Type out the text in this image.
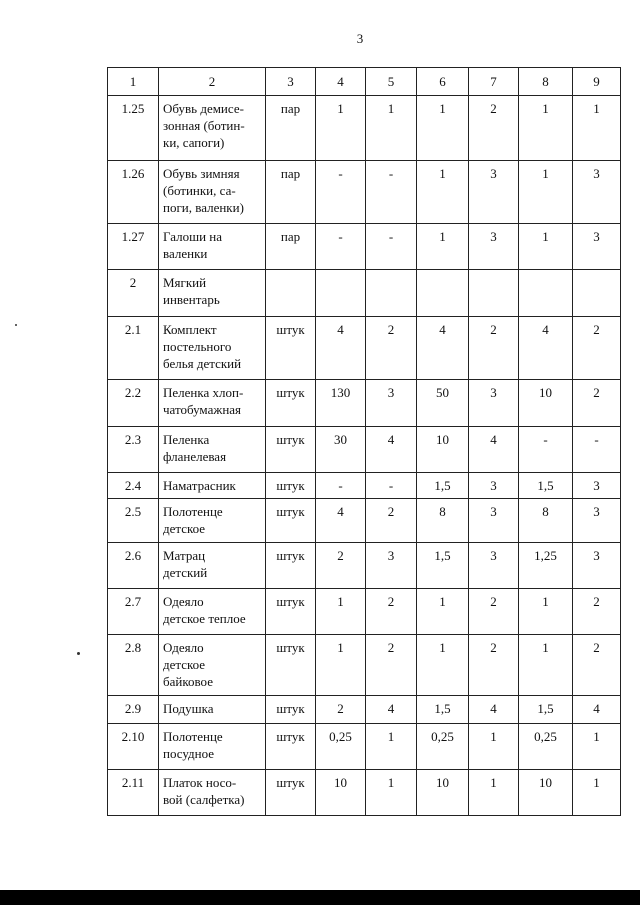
3
1	2	3	4	5	6	7	8	9
1.25	Обувь демисе-
зонная (ботин-
ки, сапоги)	пар	1	1	1	2	1	1
1.26	Обувь зимняя
(ботинки, са-
поги, валенки)	пар	-	-	1	3	1	3
1.27	Галоши на
валенки	пар	-	-	1	3	1	3
2	Мягкий
инвентарь							
2.1	Комплект
постельного
белья детский	штук	4	2	4	2	4	2
2.2	Пеленка хлоп-
чатобумажная	штук	130	3	50	3	10	2
2.3	Пеленка
фланелевая	штук	30	4	10	4	-	-
2.4	Наматрасник	штук	-	-	1,5	3	1,5	3
2.5	Полотенце
детское	штук	4	2	8	3	8	3
2.6	Матрац
детский	штук	2	3	1,5	3	1,25	3
2.7	Одеяло
детское теплое	штук	1	2	1	2	1	2
2.8	Одеяло
детское
байковое	штук	1	2	1	2	1	2
2.9	Подушка	штук	2	4	1,5	4	1,5	4
2.10	Полотенце
посудное	штук	0,25	1	0,25	1	0,25	1
2.11	Платок носо-
вой (салфетка)	штук	10	1	10	1	10	1
